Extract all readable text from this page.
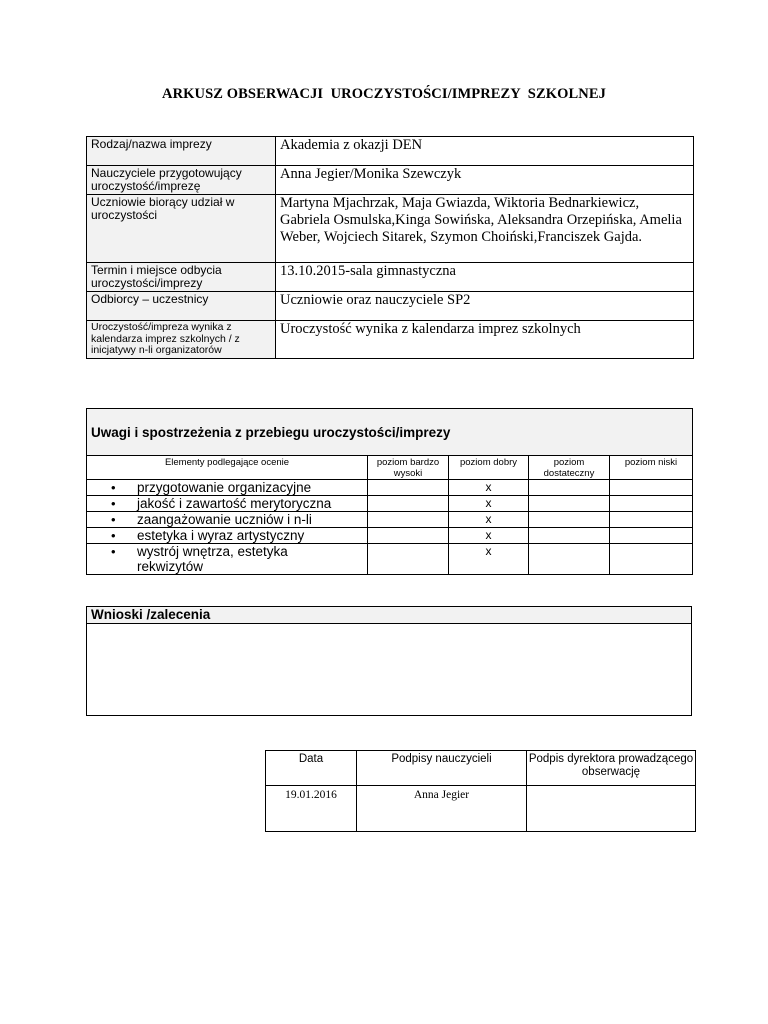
ARKUSZ OBSERWACJI  UROCZYSTOŚCI/IMPREZY  SZKOLNEJ
Rodzaj/nazwa imprezy	Akademia z okazji DEN
Nauczyciele przygotowujący uroczystość/imprezę	Anna Jegier/Monika Szewczyk
Uczniowie biorący udział w uroczystości	Martyna Mjachrzak, Maja Gwiazda, Wiktoria Bednarkiewicz, Gabriela Osmulska,Kinga Sowińska, Aleksandra Orzepińska, Amelia Weber, Wojciech Sitarek, Szymon Choiński,Franciszek Gajda.
Termin i miejsce odbycia uroczystości/imprezy	13.10.2015-sala gimnastyczna
Odbiorcy – uczestnicy	Uczniowie oraz nauczyciele SP2
Uroczystość/impreza wynika z kalendarza imprez szkolnych / z inicjatywy n-li organizatorów	Uroczystość wynika z kalendarza imprez szkolnych
Uwagi i spostrzeżenia z przebiegu uroczystości/imprezy				
Elementy podlegające ocenie	poziom bardzo wysoki	poziom dobry	poziom dostateczny	poziom niski

• przygotowanie organizacyjne		x		

• jakość i zawartość merytoryczna		x		

• zaangażowanie uczniów i n-li		x		

• estetyka i wyraz artystyczny		x		

• wystrój wnętrza, estetyka rekwizytów		x		
Wnioski /zalecenia

Data	Podpisy nauczycieli	Podpis dyrektora prowadzącego obserwację
19.01.2016	Anna Jegier	
